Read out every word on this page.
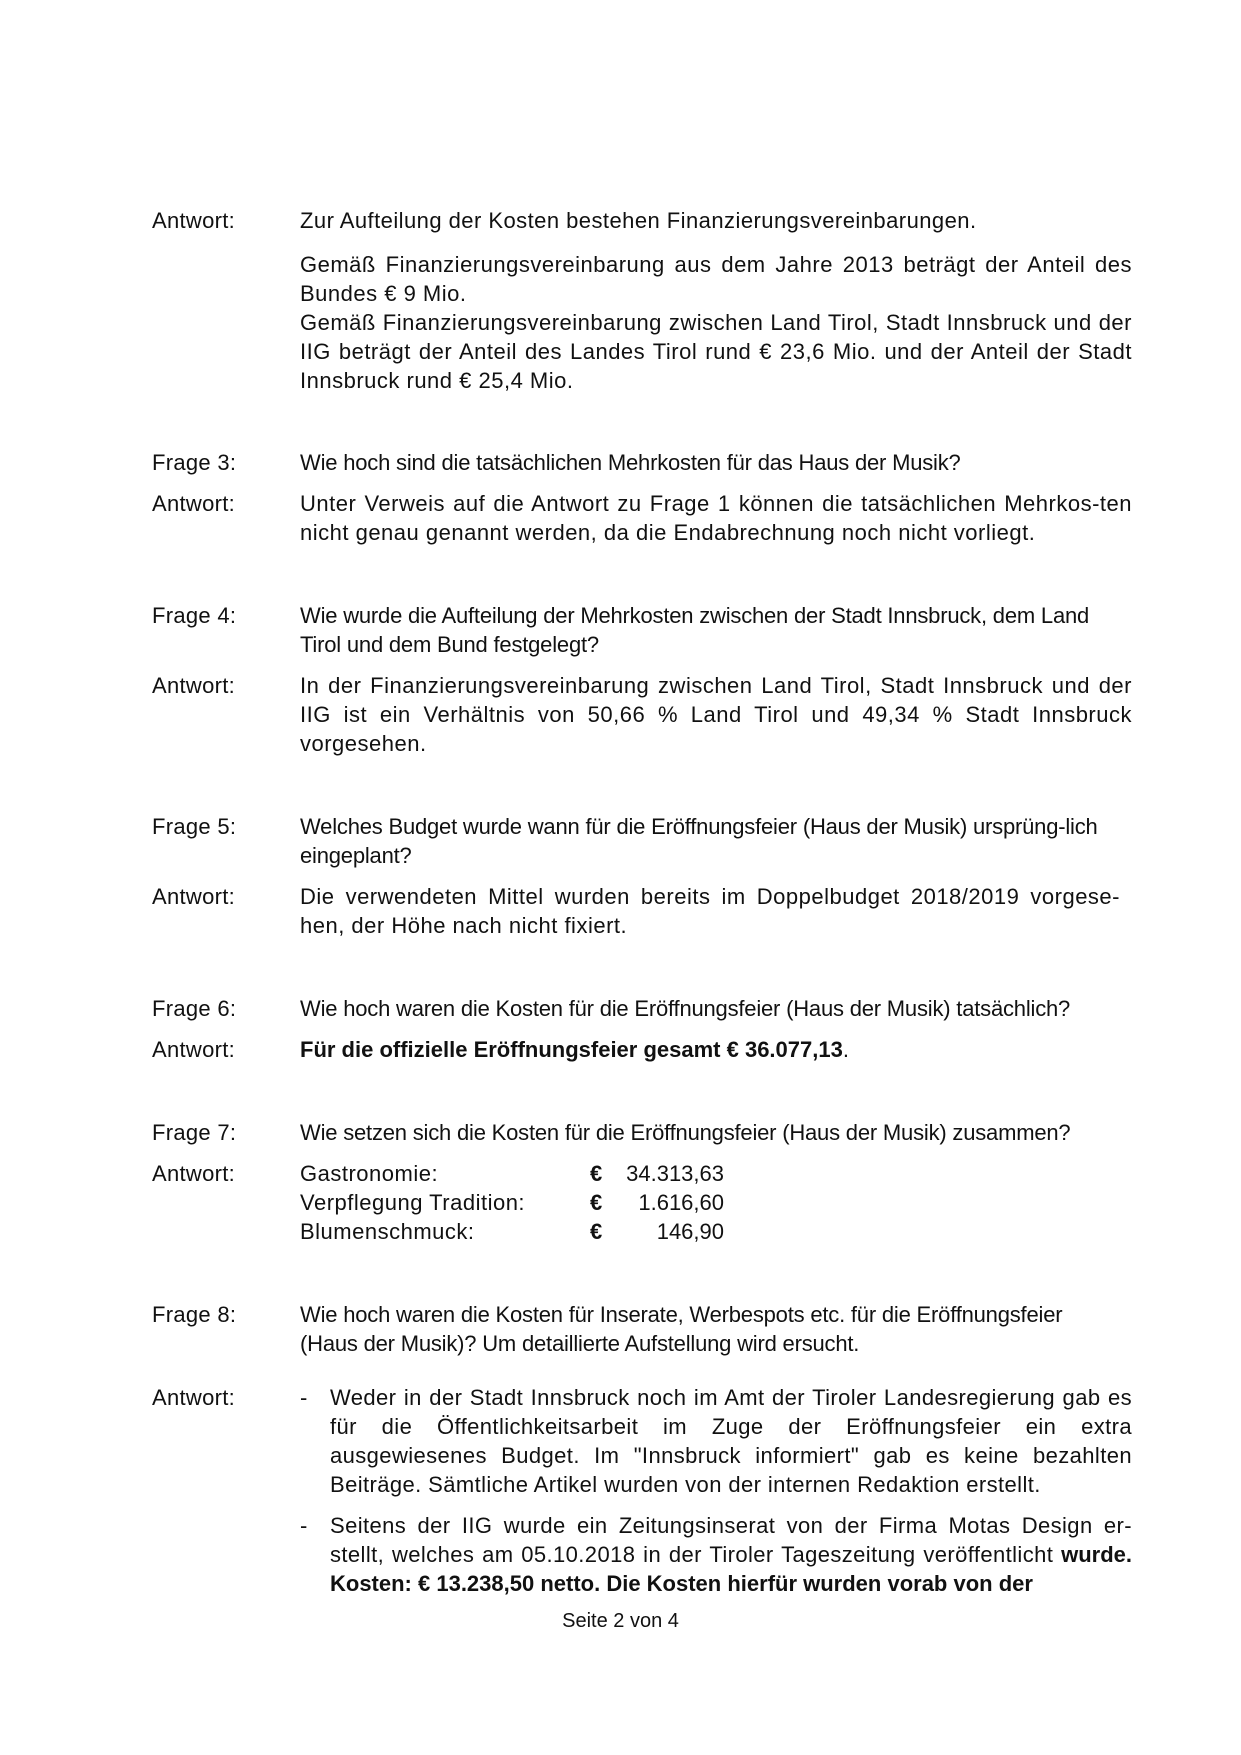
Antwort:	Zur Aufteilung der Kosten bestehen Finanzierungsvereinbarungen.

Gemäß Finanzierungsvereinbarung aus dem Jahre 2013 beträgt der Anteil des Bundes € 9 Mio.

Gemäß Finanzierungsvereinbarung zwischen Land Tirol, Stadt Innsbruck und der IIG beträgt der Anteil des Landes Tirol rund € 23,6 Mio. und der Anteil der Stadt Innsbruck rund € 25,4 Mio.

Frage 3:	Wie hoch sind die tatsächlichen Mehrkosten für das Haus der Musik?
Antwort:	Unter Verweis auf die Antwort zu Frage 1 können die tatsächlichen Mehrkos-ten nicht genau genannt werden, da die Endabrechnung noch nicht vorliegt.
Frage 4:	Wie wurde die Aufteilung der Mehrkosten zwischen der Stadt Innsbruck, dem Land Tirol und dem Bund festgelegt?
Antwort:	In der Finanzierungsvereinbarung zwischen Land Tirol, Stadt Innsbruck und der IIG ist ein Verhältnis von 50,66 % Land Tirol und 49,34 % Stadt Innsbruck vorgesehen.
Frage 5:	Welches Budget wurde wann für die Eröffnungsfeier (Haus der Musik) ursprüng-lich eingeplant?
Antwort:	Die verwendeten Mittel wurden bereits im Doppelbudget 2018/2019 vorgese-hen, der Höhe nach nicht fixiert.
Frage 6:	Wie hoch waren die Kosten für die Eröffnungsfeier (Haus der Musik) tatsächlich?
Antwort:	Für die offizielle Eröffnungsfeier gesamt € 36.077,13.
Frage 7:	Wie setzen sich die Kosten für die Eröffnungsfeier (Haus der Musik) zusammen?
Antwort:	Gastronomie:	€	34.313,63
Verpflegung Tradition:	€	1.616,60
Blumenschmuck:	€	146,90
Frage 8:	Wie hoch waren die Kosten für Inserate, Werbespots etc. für die Eröffnungsfeier (Haus der Musik)? Um detaillierte Aufstellung wird ersucht.
Antwort:	- Weder in der Stadt Innsbruck noch im Amt der Tiroler Landesregierung gab es für die Öffentlichkeitsarbeit im Zuge der Eröffnungsfeier ein extra ausgewiesenes Budget. Im "Innsbruck informiert" gab es keine bezahlten Beiträge. Sämtliche Artikel wurden von der internen Redaktion erstellt.
- Seitens der IIG wurde ein Zeitungsinserat von der Firma Motas Design er-stellt, welches am 05.10.2018 in der Tiroler Tageszeitung veröffentlicht wurde. Kosten: € 13.238,50 netto. Die Kosten hierfür wurden vorab von der
Seite 2 von 4
